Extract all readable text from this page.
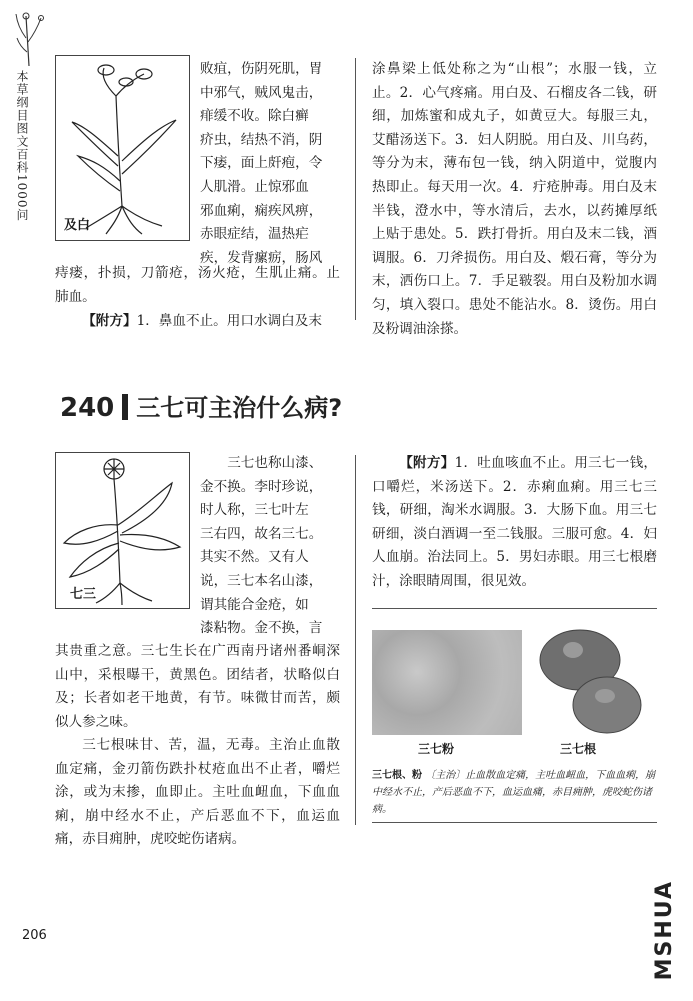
本草纲目图文百科1000问
及白
败疽，伤阴死肌，胃
中邪气，贼风鬼击，
痱缓不收。除白癣
疥虫，结热不消，阴
下痿，面上皯疱，令
人肌滑。止惊邪血
邪血痢，痫疾风痹，
赤眼症结，温热疟
疾，发背瘰疬，肠风

痔瘘，扑损，刀箭疮，汤火疮，生肌止痛。止肺血。

【附方】1．鼻血不止。用口水调白及末

涂鼻梁上低处称之为“山根”；水服一钱，立止。2．心气疼痛。用白及、石榴皮各二钱，研细，加炼蜜和成丸子，如黄豆大。每服三丸，艾醋汤送下。3．妇人阴脱。用白及、川乌药，等分为末，薄布包一钱，纳入阴道中，觉腹内热即止。每天用一次。4．疔疮肿毒。用白及末半钱，澄水中，等水清后，去水，以药摊厚纸上贴于患处。5．跌打骨折。用白及末二钱，酒调服。6．刀斧损伤。用白及、煅石膏，等分为末，洒伤口上。7．手足皲裂。用白及粉加水调匀，填入裂口。患处不能沾水。8．烫伤。用白及粉调油涂搽。

240 三七可主治什么病?
七三
三七也称山漆、
金不换。李时珍说，
时人称，三七叶左
三右四，故名三七。
其实不然。又有人
说，三七本名山漆，
谓其能合金疮，如
漆粘物。金不换，言

其贵重之意。三七生长在广西南丹诸州番峒深山中，采根曝干，黄黑色。团结者，状略似白及；长者如老干地黄，有节。味微甘而苦，颇似人参之味。

三七根味甘、苦，温，无毒。主治止血散血定痛，金刃箭伤跌扑杖疮血出不止者，嚼烂涂，或为末掺，血即止。主吐血衄血，下血血痢，崩中经水不止，产后恶血不下，血运血痛，赤目痈肿，虎咬蛇伤诸病。

【附方】1．吐血咳血不止。用三七一钱，口嚼烂，米汤送下。2．赤痢血痢。用三七三钱，研细，淘米水调服。3．大肠下血。用三七研细，淡白酒调一至二钱服。三服可愈。4．妇人血崩。治法同上。5．男妇赤眼。用三七根磨汁，涂眼睛周围，很见效。

三七粉	三七根

三七根、粉 〔主治〕止血散血定痛，主吐血衄血，下血血痢，崩中经水不止，产后恶血不下，血运血痛，赤目痈肿，虎咬蛇伤诸病。

206	MSHUA
